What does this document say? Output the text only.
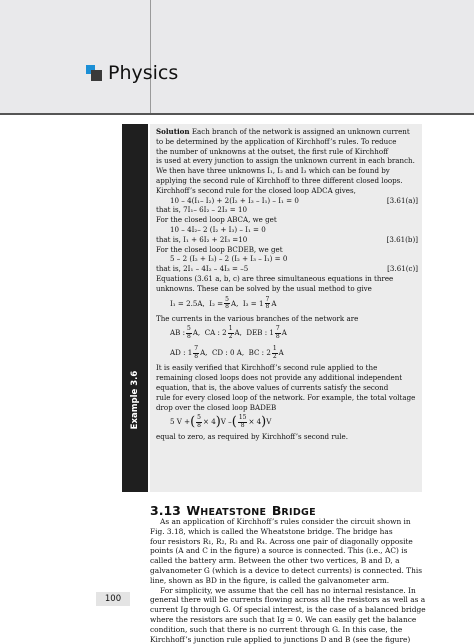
Physics
Example 3.6
Solution Each branch of the network is assigned an unknown current
to be determined by the application of Kirchhoff’s rules. To reduce
the number of unknowns at the outset, the first rule of Kirchhoff
is used at every junction to assign the unknown current in each branch.
We then have three unknowns I₁, I₂ and I₃ which can be found by
applying the second rule of Kirchhoff to three different closed loops.
Kirchhoff’s second rule for the closed loop ADCA gives,
10 – 4(I₁– I₂) + 2(I₂ + I₃ – I₁) – I₁ = 0	[3.61(a)]
that is, 7I₁– 6I₂ – 2I₃ = 10
For the closed loop ABCA, we get
10 – 4I₂– 2 (I₂ + I₃) – I₁ = 0
that is, I₁ + 6I₂ + 2I₃ =10	[3.61(b)]
For the closed loop BCDEB, we get
5 – 2 (I₂ + I₃) – 2 (I₂ + I₃ – I₁) = 0
that is, 2I₁ – 4I₂ – 4I₃ = –5	[3.61(c)]
Equations (3.61 a, b, c) are three simultaneous equations in three
unknowns. These can be solved by the usual method to give
I₁ = 2.5A, $I_2 = \frac{5}{8} A$, $I_3 = 1 \frac{7}{8}$ A
The currents in the various branches of the network are
AB : $\frac{5}{8} A$, CA : $2 \frac{1}{2} A$, DEB : $1 \frac{7}{8}$ A
AD : $1 \frac{7}{8} A$, CD : 0 A, BC : $2 \frac{1}{2}$ A
It is easily verified that Kirchhoff’s second rule applied to the
remaining closed loops does not provide any additional independent
equation, that is, the above values of currents satisfy the second
rule for every closed loop of the network. For example, the total voltage
drop over the closed loop BADEB
5 V +( $\frac{5}{8} \times 4)V$ –( $\frac{15}{8} \times 4)V$
equal to zero, as required by Kirchhoff’s second rule.
3.13 WHEATSTONE BRIDGE
As an application of Kirchhoff’s rules consider the circuit shown in
Fig. 3.18, which is called the Wheatstone bridge. The bridge has
four resistors R₁, R₂, R₃ and R₄. Across one pair of diagonally opposite
points (A and C in the figure) a source is connected. This (i.e., AC) is
called the battery arm. Between the other two vertices, B and D, a
galvanometer G (which is a device to detect currents) is connected. This
line, shown as BD in the figure, is called the galvanometer arm.
For simplicity, we assume that the cell has no internal resistance. In
general there will be currents flowing across all the resistors as well as a
current Ig through G. Of special interest, is the case of a balanced bridge
where the resistors are such that Ig = 0. We can easily get the balance
condition, such that there is no current through G. In this case, the
Kirchhoff’s junction rule applied to junctions D and B (see the figure)
100
